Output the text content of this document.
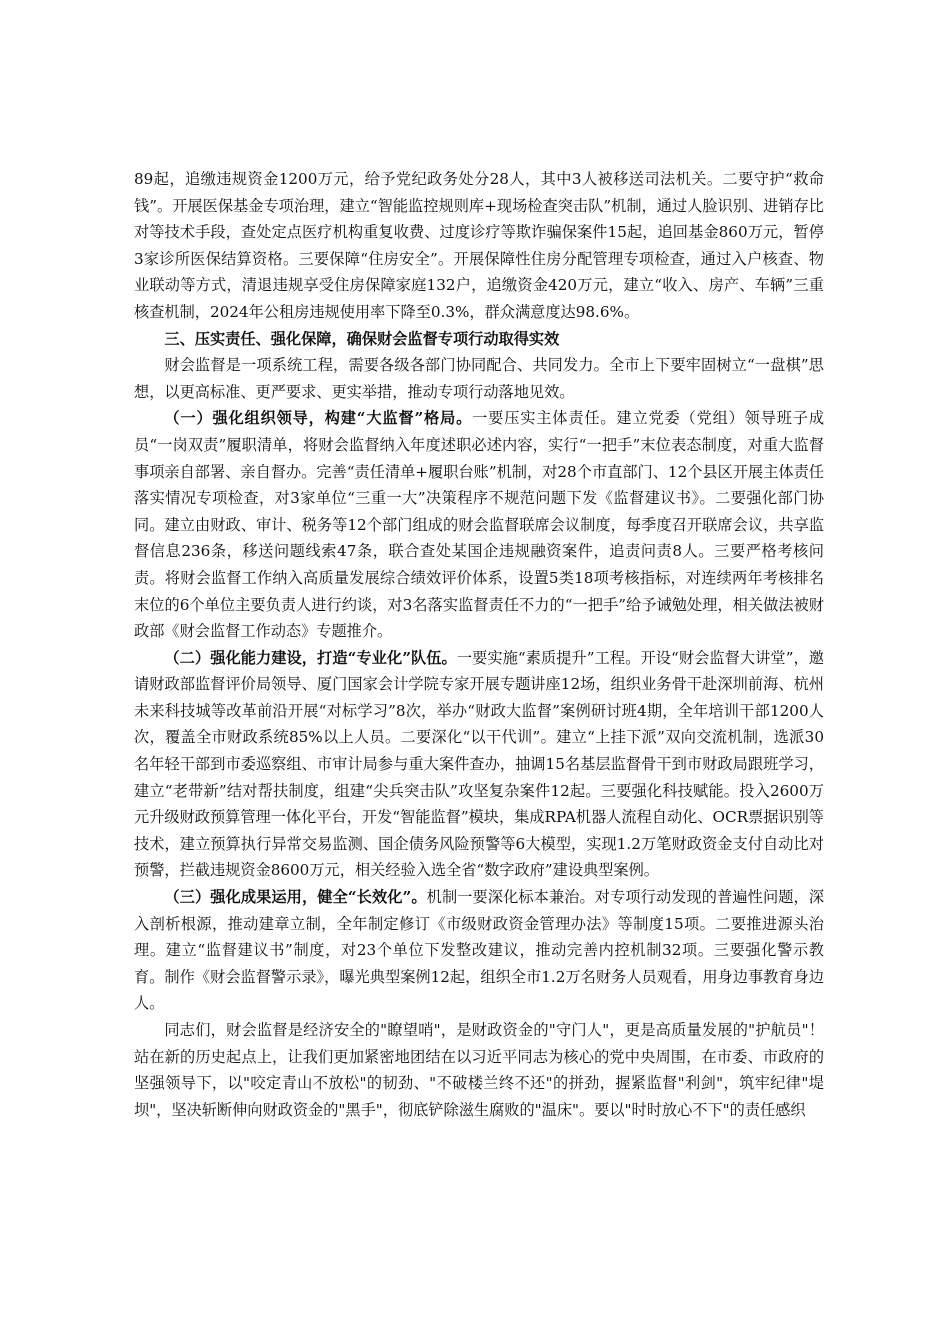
89起，追缴违规资金1200万元，给予党纪政务处分28人，其中3人被移送司法机关。二要守护“救命钱”。开展医保基金专项治理，建立“智能监控规则库+现场检查突击队”机制，通过人脸识别、进销存比对等技术手段，查处定点医疗机构重复收费、过度诊疗等欺诈骗保案件15起，追回基金860万元，暂停3家诊所医保结算资格。三要保障“住房安全”。开展保障性住房分配管理专项检查，通过入户核查、物业联动等方式，清退违规享受住房保障家庭132户，追缴资金420万元，建立“收入、房产、车辆”三重核查机制，2024年公租房违规使用率下降至0.3%，群众满意度达98.6%。

三、压实责任、强化保障，确保财会监督专项行动取得实效

财会监督是一项系统工程，需要各级各部门协同配合、共同发力。全市上下要牢固树立“一盘棋”思想，以更高标准、更严要求、更实举措，推动专项行动落地见效。

（一）强化组织领导，构建“大监督”格局。一要压实主体责任。建立党委（党组）领导班子成员“一岗双责”履职清单，将财会监督纳入年度述职必述内容，实行“一把手”末位表态制度，对重大监督事项亲自部署、亲自督办。完善“责任清单+履职台账”机制，对28个市直部门、12个县区开展主体责任落实情况专项检查，对3家单位“三重一大”决策程序不规范问题下发《监督建议书》。二要强化部门协同。建立由财政、审计、税务等12个部门组成的财会监督联席会议制度，每季度召开联席会议，共享监督信息236条，移送问题线索47条，联合查处某国企违规融资案件，追责问责8人。三要严格考核问责。将财会监督工作纳入高质量发展综合绩效评价体系，设置5类18项考核指标，对连续两年考核排名末位的6个单位主要负责人进行约谈，对3名落实监督责任不力的“一把手”给予诫勉处理，相关做法被财政部《财会监督工作动态》专题推介。

（二）强化能力建设，打造“专业化”队伍。一要实施“素质提升”工程。开设“财会监督大讲堂”，邀请财政部监督评价局领导、厦门国家会计学院专家开展专题讲座12场，组织业务骨干赴深圳前海、杭州未来科技城等改革前沿开展“对标学习”8次，举办“财政大监督”案例研讨班4期，全年培训干部1200人次，覆盖全市财政系统85%以上人员。二要深化“以干代训”。建立“上挂下派”双向交流机制，选派30名年轻干部到市委巡察组、市审计局参与重大案件查办，抽调15名基层监督骨干到市财政局跟班学习，建立“老带新”结对帮扶制度，组建“尖兵突击队”攻坚复杂案件12起。三要强化科技赋能。投入2600万元升级财政预算管理一体化平台，开发“智能监督”模块，集成RPA机器人流程自动化、OCR票据识别等技术，建立预算执行异常交易监测、国企债务风险预警等6大模型，实现1.2万笔财政资金支付自动比对预警，拦截违规资金8600万元，相关经验入选全省“数字政府”建设典型案例。

（三）强化成果运用，健全“长效化”。机制一要深化标本兼治。对专项行动发现的普遍性问题，深入剖析根源，推动建章立制，全年制定修订《市级财政资金管理办法》等制度15项。二要推进源头治理。建立“监督建议书”制度，对23个单位下发整改建议，推动完善内控机制32项。三要强化警示教育。制作《财会监督警示录》，曝光典型案例12起，组织全市1.2万名财务人员观看，用身边事教育身边人。

同志们，财会监督是经济安全的"瞭望哨"，是财政资金的"守门人"，更是高质量发展的"护航员"！站在新的历史起点上，让我们更加紧密地团结在以习近平同志为核心的党中央周围，在市委、市政府的坚强领导下，以"咬定青山不放松"的韧劲、"不破楼兰终不还"的拼劲，握紧监督"利剑"，筑牢纪律"堤坝"，坚决斩断伸向财政资金的"黑手"，彻底铲除滋生腐败的"温床"。要以"时时放心不下"的责任感织
